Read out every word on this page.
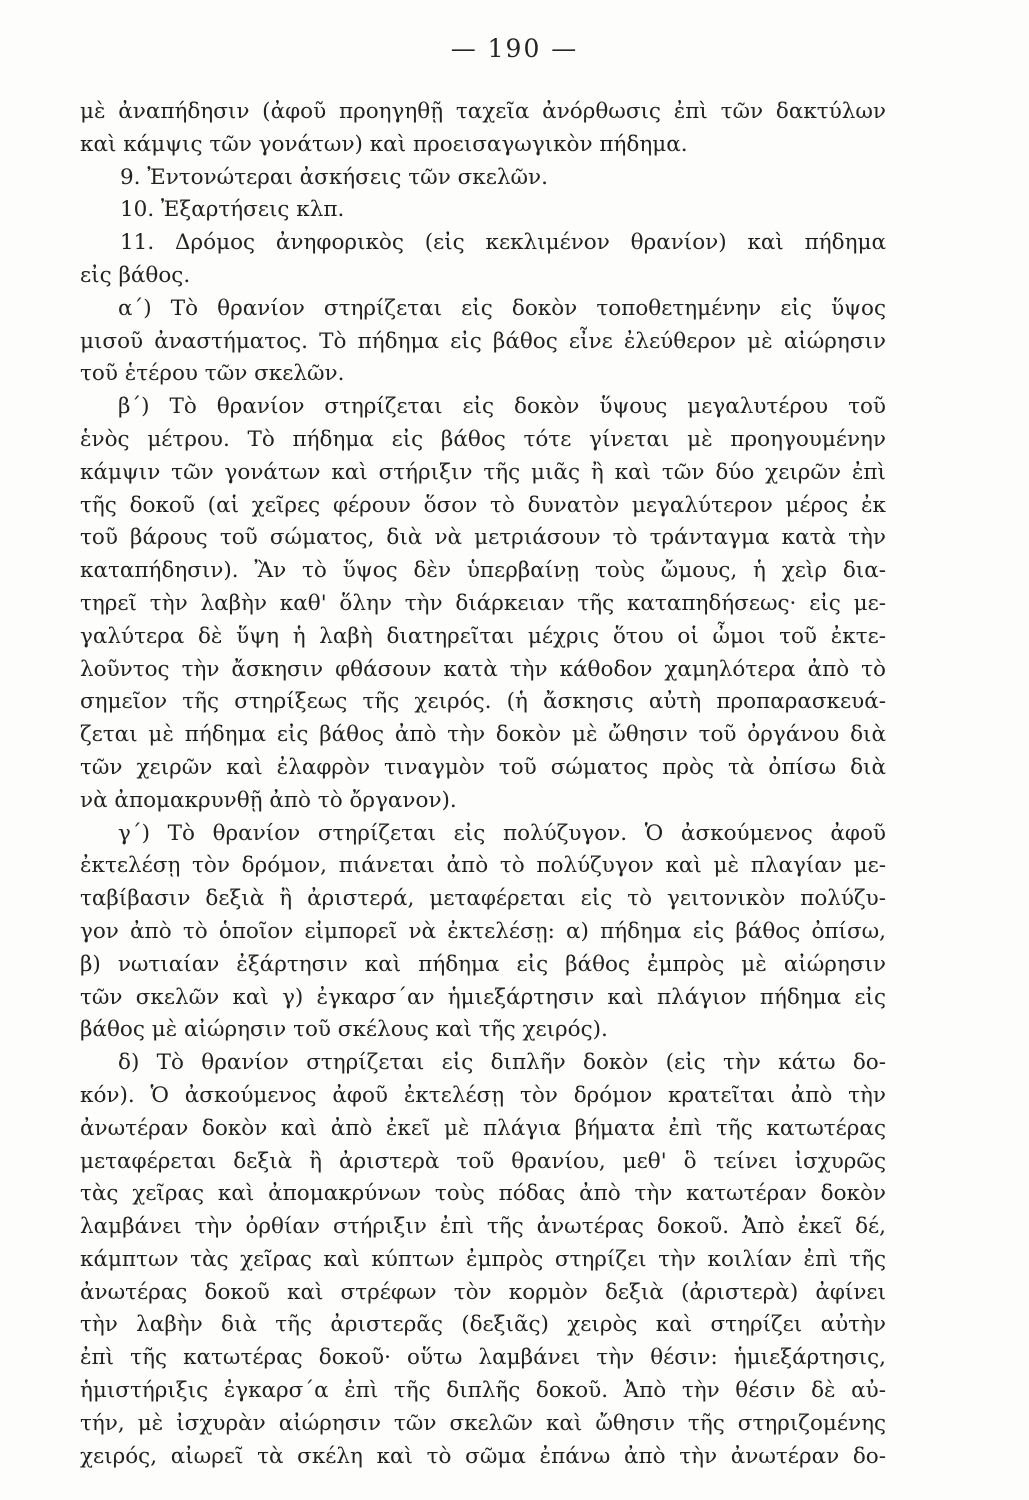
— 190 —
μὲ ἀναπήδησιν (ἀφοῦ προηγηθῇ ταχεῖα ἀνόρθωσις ἐπὶ τῶν δακτύλων
καὶ κάμψις τῶν γονάτων) καὶ προεισαγωγικὸν πήδημα.
9. Ἐντονώτεραι ἀσκήσεις τῶν σκελῶν.
10. Ἐξαρτήσεις κλπ.
11. Δρόμος ἀνηφορικὸς (εἰς κεκλιμένον θρανίον) καὶ πήδημα
εἰς βάθος.
α΄) Τὸ θρανίον στηρίζεται εἰς δοκὸν τοποθετημένην εἰς ὕψος
μισοῦ ἀναστήματος. Τὸ πήδημα εἰς βάθος εἶνε ἐλεύθερον μὲ αἰώρησιν
τοῦ ἑτέρου τῶν σκελῶν.
β΄) Τὸ θρανίον στηρίζεται εἰς δοκὸν ὕψους μεγαλυτέρου τοῦ
ἑνὸς μέτρου. Τὸ πήδημα εἰς βάθος τότε γίνεται μὲ προηγουμένην
κάμψιν τῶν γονάτων καὶ στήριξιν τῆς μιᾶς ἢ καὶ τῶν δύο χειρῶν ἐπὶ
τῆς δοκοῦ (αἱ χεῖρες φέρουν ὅσον τὸ δυνατὸν μεγαλύτερον μέρος ἐκ
τοῦ βάρους τοῦ σώματος, διὰ νὰ μετριάσουν τὸ τράνταγμα κατὰ τὴν
καταπήδησιν). Ἂν τὸ ὕψος δὲν ὑπερβαίνῃ τοὺς ὤμους, ἡ χεὶρ δια-
τηρεῖ τὴν λαβὴν καθ' ὅλην τὴν διάρκειαν τῆς καταπηδήσεως· εἰς με-
γαλύτερα δὲ ὕψη ἡ λαβὴ διατηρεῖται μέχρις ὅτου οἱ ὦμοι τοῦ ἐκτε-
λοῦντος τὴν ἄσκησιν φθάσουν κατὰ τὴν κάθοδον χαμηλότερα ἀπὸ τὸ
σημεῖον τῆς στηρίξεως τῆς χειρός. (ἡ ἄσκησις αὐτὴ προπαρασκευά-
ζεται μὲ πήδημα εἰς βάθος ἀπὸ τὴν δοκὸν μὲ ὤθησιν τοῦ ὀργάνου διὰ
τῶν χειρῶν καὶ ἐλαφρὸν τιναγμὸν τοῦ σώματος πρὸς τὰ ὀπίσω διὰ
νὰ ἀπομακρυνθῇ ἀπὸ τὸ ὄργανον).
γ΄) Τὸ θρανίον στηρίζεται εἰς πολύζυγον. Ὁ ἀσκούμενος ἀφοῦ
ἐκτελέσῃ τὸν δρόμον, πιάνεται ἀπὸ τὸ πολύζυγον καὶ μὲ πλαγίαν με-
ταβίβασιν δεξιὰ ἢ ἀριστερά, μεταφέρεται εἰς τὸ γειτονικὸν πολύζυ-
γον ἀπὸ τὸ ὁποῖον εἰμπορεῖ νὰ ἐκτελέσῃ: α) πήδημα εἰς βάθος ὀπίσω,
β) νωτιαίαν ἐξάρτησιν καὶ πήδημα εἰς βάθος ἐμπρὸς μὲ αἰώρησιν
τῶν σκελῶν καὶ γ) ἐγκαρσ΄αν ἡμιεξάρτησιν καὶ πλάγιον πήδημα εἰς
βάθος μὲ αἰώρησιν τοῦ σκέλους καὶ τῆς χειρός).
δ) Τὸ θρανίον στηρίζεται εἰς διπλῆν δοκὸν (εἰς τὴν κάτω δο-
κόν). Ὁ ἀσκούμενος ἀφοῦ ἐκτελέσῃ τὸν δρόμον κρατεῖται ἀπὸ τὴν
ἀνωτέραν δοκὸν καὶ ἀπὸ ἐκεῖ μὲ πλάγια βήματα ἐπὶ τῆς κατωτέρας
μεταφέρεται δεξιὰ ἢ ἀριστερὰ τοῦ θρανίου, μεθ' ὃ τείνει ἰσχυρῶς
τὰς χεῖρας καὶ ἀπομακρύνων τοὺς πόδας ἀπὸ τὴν κατωτέραν δοκὸν
λαμβάνει τὴν ὀρθίαν στήριξιν ἐπὶ τῆς ἀνωτέρας δοκοῦ. Ἀπὸ ἐκεῖ δέ,
κάμπτων τὰς χεῖρας καὶ κύπτων ἐμπρὸς στηρίζει τὴν κοιλίαν ἐπὶ τῆς
ἀνωτέρας δοκοῦ καὶ στρέφων τὸν κορμὸν δεξιὰ (ἀριστερὰ) ἀφίνει
τὴν λαβὴν διὰ τῆς ἀριστερᾶς (δεξιᾶς) χειρὸς καὶ στηρίζει αὐτὴν
ἐπὶ τῆς κατωτέρας δοκοῦ· οὕτω λαμβάνει τὴν θέσιν: ἡμιεξάρτησις,
ἡμιστήριξις ἐγκαρσ΄α ἐπὶ τῆς διπλῆς δοκοῦ. Ἀπὸ τὴν θέσιν δὲ αὐ-
τήν, μὲ ἰσχυρὰν αἰώρησιν τῶν σκελῶν καὶ ὤθησιν τῆς στηριζομένης
χειρός, αἰωρεῖ τὰ σκέλη καὶ τὸ σῶμα ἐπάνω ἀπὸ τὴν ἀνωτέραν δο-
